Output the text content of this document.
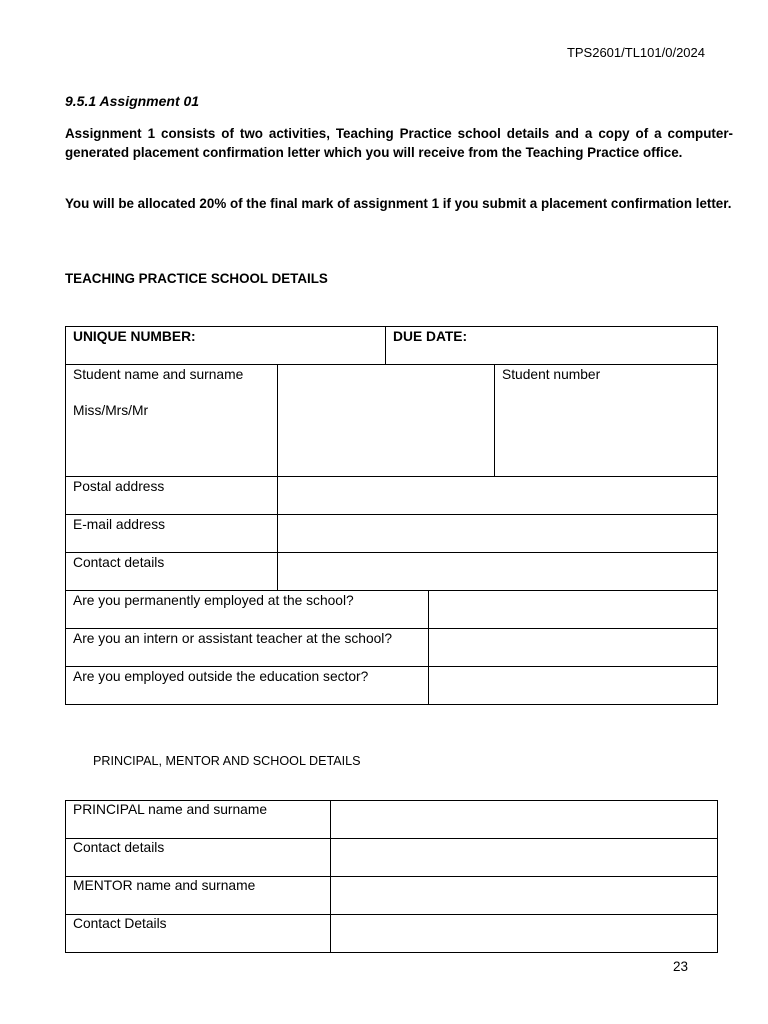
TPS2601/TL101/0/2024
9.5.1 Assignment 01
Assignment 1 consists of two activities, Teaching Practice school details and a copy of a computer-generated placement confirmation letter which you will receive from the Teaching Practice office.
You will be allocated 20% of the final mark of assignment 1 if you submit a placement confirmation letter.
TEACHING PRACTICE SCHOOL DETAILS
UNIQUE NUMBER:		DUE DATE:		
Student name and surname
Miss/Mrs/Mr				Student number
Postal address				
E-mail address				
Contact details				
Are you permanently employed at the school?				
Are you an intern or assistant teacher at the school?				
Are you employed outside the education sector?				
PRINCIPAL, MENTOR AND SCHOOL DETAILS
PRINCIPAL name and surname	
Contact details	
MENTOR name and surname	
Contact Details	
23
